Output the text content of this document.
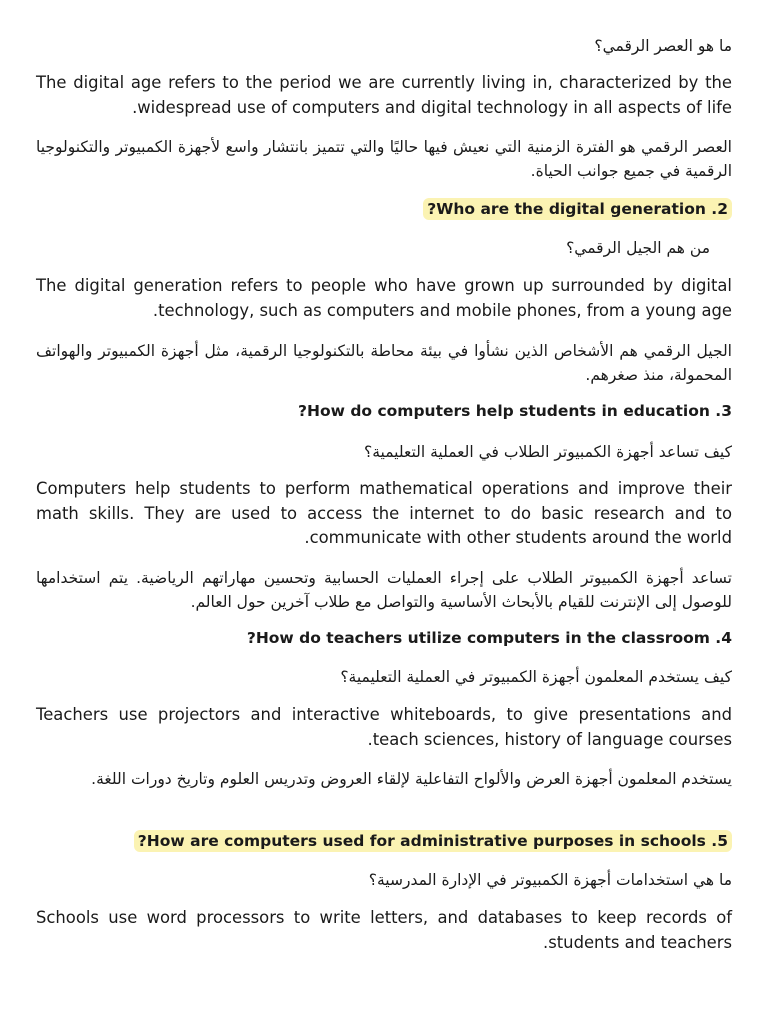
ما هو العصر الرقمي؟

The digital age refers to the period we are currently living in, characterized by the widespread use of computers and digital technology in all aspects of life.

العصر الرقمي هو الفترة الزمنية التي نعيش فيها حاليًا والتي تتميز بانتشار واسع لأجهزة الكمبيوتر والتكنولوجيا الرقمية في جميع جوانب الحياة.

2. Who are the digital generation?

من هم الجيل الرقمي؟

The digital generation refers to people who have grown up surrounded by digital technology, such as computers and mobile phones, from a young age.

الجيل الرقمي هم الأشخاص الذين نشأوا في بيئة محاطة بالتكنولوجيا الرقمية، مثل أجهزة الكمبيوتر والهواتف المحمولة، منذ صغرهم.

3. How do computers help students in education?

كيف تساعد أجهزة الكمبيوتر الطلاب في العملية التعليمية؟

Computers help students to perform mathematical operations and improve their math skills. They are used to access the internet to do basic research and to communicate with other students around the world.

تساعد أجهزة الكمبيوتر الطلاب على إجراء العمليات الحسابية وتحسين مهاراتهم الرياضية. يتم استخدامها للوصول إلى الإنترنت للقيام بالأبحاث الأساسية والتواصل مع طلاب آخرين حول العالم.

4. How do teachers utilize computers in the classroom?

كيف يستخدم المعلمون أجهزة الكمبيوتر في العملية التعليمية؟

Teachers use projectors and interactive whiteboards, to give presentations and teach sciences, history of language courses.

يستخدم المعلمون أجهزة العرض والألواح التفاعلية لإلقاء العروض وتدريس العلوم وتاريخ دورات اللغة.

5. How are computers used for administrative purposes in schools?

ما هي استخدامات أجهزة الكمبيوتر في الإدارة المدرسية؟

Schools use word processors to write letters, and databases to keep records of students and teachers.
